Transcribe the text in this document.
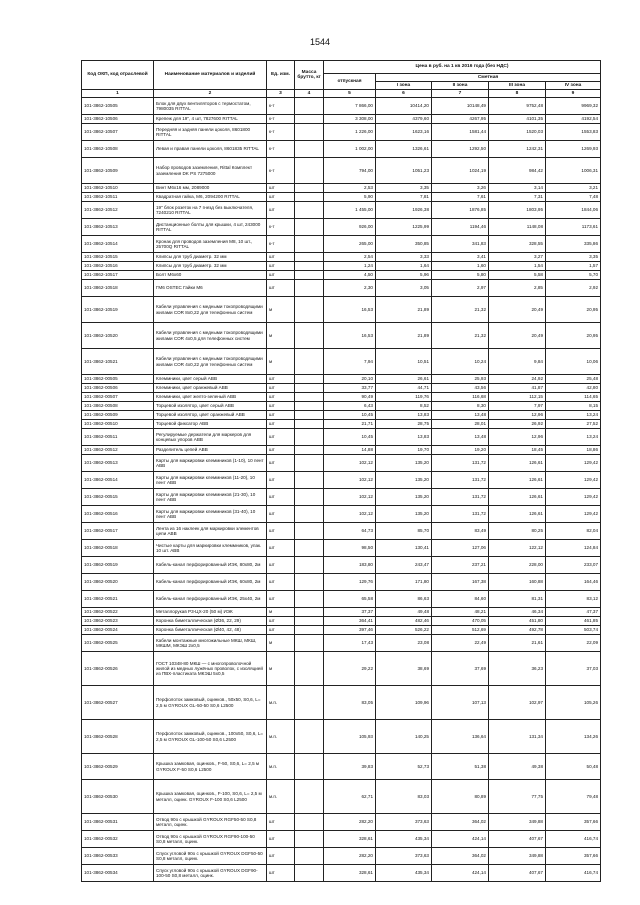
1544
Код ОКП, код отраслевой	Наименование материалов и изделий	Ед. изм.	Масса брутто, кг	Цена в руб. на 1 кв 2016 года (без НДС)				
				отпускная	Сметная			
					I зона	II зона	III зона	IV зона
1	2	3	4	5	6	7	8	9
101-3862-10505	Блок для двух вентиляторов с термостатом, 7980035 RITTAL	к-т		7 866,00	10414,20	10148,49	9752,48	9969,32
101-3862-10506	Крепеж для 19", 4 шт, 7827600 RITTAL	к-т		3 308,00	4379,60	4267,95	4101,35	4192,54
101-3862-10507	Передняя и задняя панели цоколя, 8601800 RITTAL	к-т		1 226,00	1623,16	1581,44	1520,03	1553,83
101-3862-10508	Левая и правая панели цоколя, 8601835 RITTAL	к-т		1 002,00	1326,61	1292,50	1242,31	1269,93
101-3862-10509	Набор проводов заземления, Rittal Комплект заземления DK PS 7275000	к-т		794,00	1051,23	1024,19	984,42	1006,31
101-3862-10510	Винт М6х16 мм, 2089000	шт		2,53	3,35	3,26	3,14	3,21
101-3862-10511	Квадратная гайка, М6, 2094200 RITTAL	шт		5,90	7,81	7,61	7,31	7,48
101-3862-10512	19" блок розеток на 7 гнезд без выключателя, 7240210 RITTAL	шт		1 455,00	1926,38	1876,85	1803,95	1844,06
101-3862-10513	Дистанционные болты для крышки, 4 шт, 243000 RITTAL	к-т		926,00	1225,99	1194,46	1148,08	1173,61
101-3862-10514	Кронак для проводов заземления М8, 10 шт., 25700Q RITTAL	к-т		265,00	350,85	341,83	328,55	335,86
101-3862-10515	Клипсы для труб диаметр. 32 мм	шт		2,54	3,33	3,41	3,27	3,35
101-3862-10516	Клипсы для труб диаметр. 32 мм	шт		1,24	1,64	1,60	1,54	1,57
101-3862-10517	Болт М6х60	шт		4,50	5,96	5,80	5,58	5,70
101-3862-10518	ГМ6 OSTEC Гайки М6	шт		2,30	3,05	2,97	2,85	2,92
101-3862-10519	Кабели управления с медными токопроводящими жилами СОR 8х0,22 для телефонных систем	м		16,53	21,89	21,32	20,49	20,95
101-3862-10520	Кабели управления с медными токопроводящими жилами СОR 4х0,5 для телефонных систем	м		16,53	21,89	21,32	20,49	20,95
101-3862-10521	Кабели управления с медными токопроводящими жилами СОR 4х0,22 для телефонных систем	м		7,94	10,51	10,24	9,84	10,06
101-3862-00505	Клеммники, цвет серый АВВ	шт		20,10	26,61	25,93	24,92	25,48
101-3862-00506	Клеммники, цвет оранжевый АВВ	шт		33,77	44,71	43,56	41,87	42,80
101-3862-00507	Клеммники, цвет желто-зеленый АВВ	шт		90,49	119,76	116,68	112,15	114,65
101-3862-00508	Торцевой изолятор, цвет серый АВВ	шт		6,43	8,52	8,30	7,97	8,15
101-3862-00509	Торцевой изолятор, цвет оранжевый АВВ	шт		10,45	13,83	13,48	12,96	13,24
101-3862-00510	Торцевой фиксатор АВВ	шт		21,71	28,75	28,01	26,92	27,52
101-3862-00511	Регулируемые держатели для маркеров для концевых упоров АВВ	шт		10,45	13,83	13,48	12,96	13,24
101-3862-00512	Разделитель цепей АВВ	шт		14,88	19,70	19,20	18,45	18,86
101-3862-00513	Карты для маркировки клеммников (1-10), 10 пент АВВ	шт		102,12	135,20	131,72	126,61	129,42
101-3862-00514	Карты для маркировки клеммников (11-20), 10 пент АВВ	шт		102,12	135,20	131,72	126,61	129,42
101-3862-00515	Карты для маркировки клеммников (21-30), 10 пент АВВ	шт		102,12	135,20	131,72	126,61	129,42
101-3862-00516	Карты для маркировки клеммников (31-40), 10 пент АВВ	шт		102,12	135,20	131,72	126,61	129,42
101-3862-00517	Лента из 16 наклеек для маркировки элементов цепи АВВ	шт		64,73	85,70	83,49	80,25	82,04
101-3862-00518	Чистые карты для маркировки клеммников, упак. 10 шт. АВВ	шт		98,50	130,41	127,06	122,12	124,84
101-3862-00519	Кабель-канал перфорированный ИЭК, 80х80, 2м	шт		183,80	243,47	237,21	228,00	233,07
101-3862-00520	Кабель-канал перфорированный ИЭК, 60х80, 2м	шт		129,76	171,80	167,38	160,88	164,46
101-3862-00521	Кабель-канал перфорированный ИЭК, 25х40, 2м	шт		65,58	86,63	84,60	81,31	83,12
101-3862-00522	Металлорукав Р3-ЦХ-20 (50 м) ИЭК	м		37,37	49,48	48,21	46,34	47,37
101-3862-00523	Коронка биметаллическая (Ø36, 22, 29)	шт		364,41	482,46	470,05	451,80	461,85
101-3862-00524	Коронка биметаллическая (Ø40, 42, 48)	шт		397,46	526,22	512,69	492,78	503,74
101-3862-00525	Кабели монтажные многожильные МКШ, МКШ, МКШМ, МКЭШ 2х0,5	м		17,43	23,08	22,49	21,61	22,09
101-3862-00526	ГОСТ 10348-80 МКШ — с многопроволочной жилой из медных лужёных проволок, с изоляцией из ПВХ-пластиката МКЭШ 5х0,5	м		29,22	38,69	37,69	36,23	37,03
101-3862-00527	Перфолоток замковый, оцинков., 50х50, S0,6, L= 2,5 м GYROUX GL-50-50 S0,6 L2500	м.п.		83,05	109,96	107,13	102,97	105,26
101-3862-00528	Перфолоток замковый, оцинков., 100х50, S0,6, L= 2,5 м GYROUX GL-100-50 S0,6 L2500	м.п.		105,93	140,25	136,64	131,34	134,26
101-3862-00529	Крышка замковая, оцинков., F-50, S0,6, L= 2,5 м GYROUX F-50 S0,6 L2500	м.п.		39,83	52,73	51,38	49,38	50,48
101-3862-00530	Крышка замковая, оцинков., F-100, S0,6, L= 2,5 м металл, оцинк. GYROUX F-100 S0,6 L2500	м.п.		62,71	83,03	80,89	77,75	79,48
101-3862-00531	Отвод 90о с крышкой GYROUX RGF50-50 S0,8 металл, оцинк.	шт		282,20	373,63	364,02	349,88	357,66
101-3862-00532	Отвод 90о с крышкой GYROUX RGF90-100-50 S0,8 металл, оцинк.	шт		328,61	435,34	424,14	407,67	416,74
101-3862-00533	Спуск угловой 90о с крышкой GYROUX DGF50-50 S0,8 металл, оцинк.	шт		282,20	373,63	364,02	349,88	357,66
101-3862-00534	Спуск угловой 90о с крышкой GYROUX DGF90-100-50 S0,8 металл, оцинк.	шт		328,61	435,34	424,14	407,67	416,74
